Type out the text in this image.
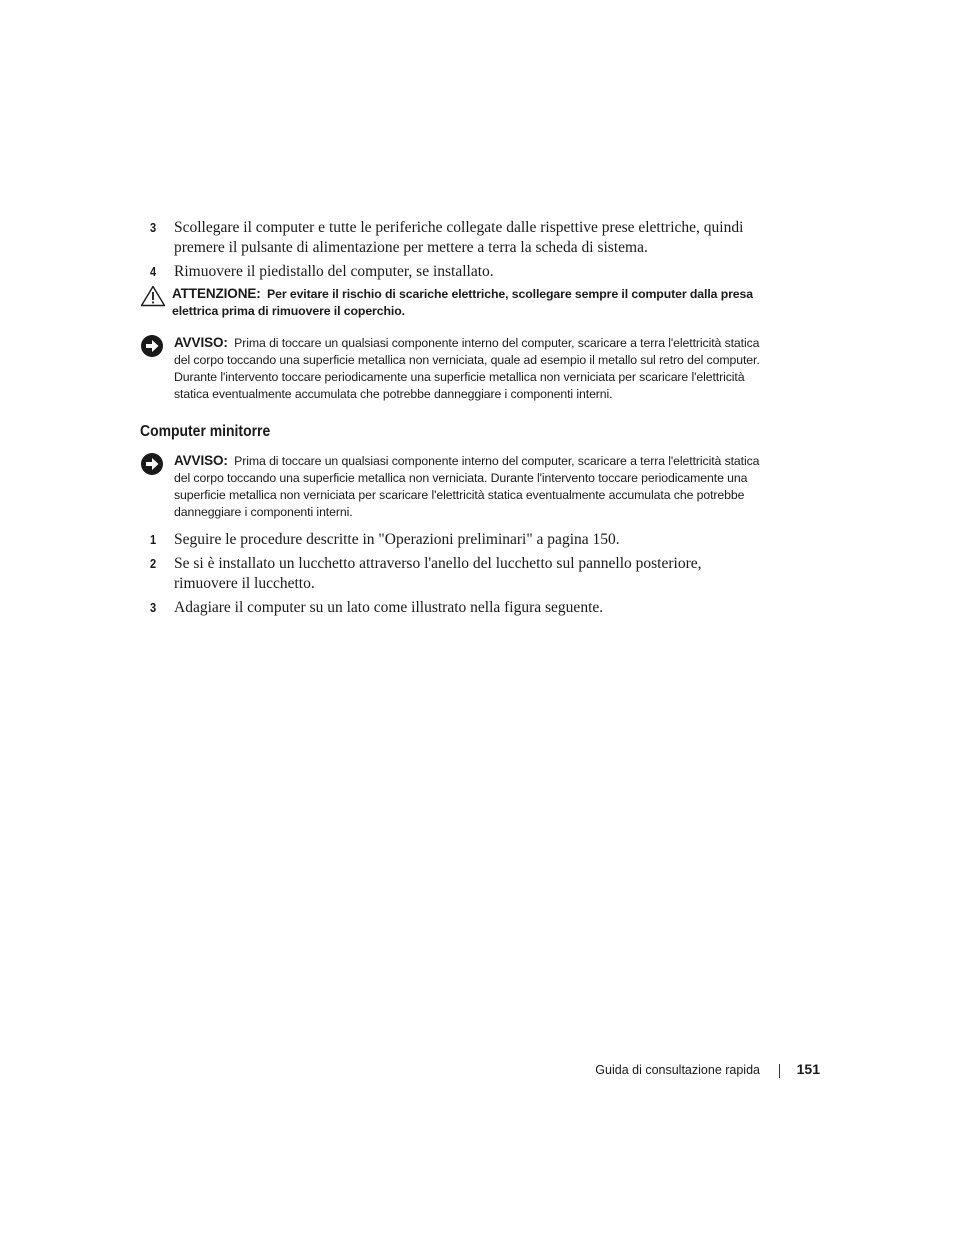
3	Scollegare il computer e tutte le periferiche collegate dalle rispettive prese elettriche, quindi premere il pulsante di alimentazione per mettere a terra la scheda di sistema.
4	Rimuovere il piedistallo del computer, se installato.
ATTENZIONE: Per evitare il rischio di scariche elettriche, scollegare sempre il computer dalla presa elettrica prima di rimuovere il coperchio.
AVVISO: Prima di toccare un qualsiasi componente interno del computer, scaricare a terra l'elettricità statica del corpo toccando una superficie metallica non verniciata, quale ad esempio il metallo sul retro del computer. Durante l'intervento toccare periodicamente una superficie metallica non verniciata per scaricare l'elettricità statica eventualmente accumulata che potrebbe danneggiare i componenti interni.
Computer minitorre
AVVISO: Prima di toccare un qualsiasi componente interno del computer, scaricare a terra l'elettricità statica del corpo toccando una superficie metallica non verniciata. Durante l'intervento toccare periodicamente una superficie metallica non verniciata per scaricare l'elettricità statica eventualmente accumulata che potrebbe danneggiare i componenti interni.
1	Seguire le procedure descritte in "Operazioni preliminari" a pagina 150.
2	Se si è installato un lucchetto attraverso l'anello del lucchetto sul pannello posteriore, rimuovere il lucchetto.
3	Adagiare il computer su un lato come illustrato nella figura seguente.
Guida di consultazione rapida	151
